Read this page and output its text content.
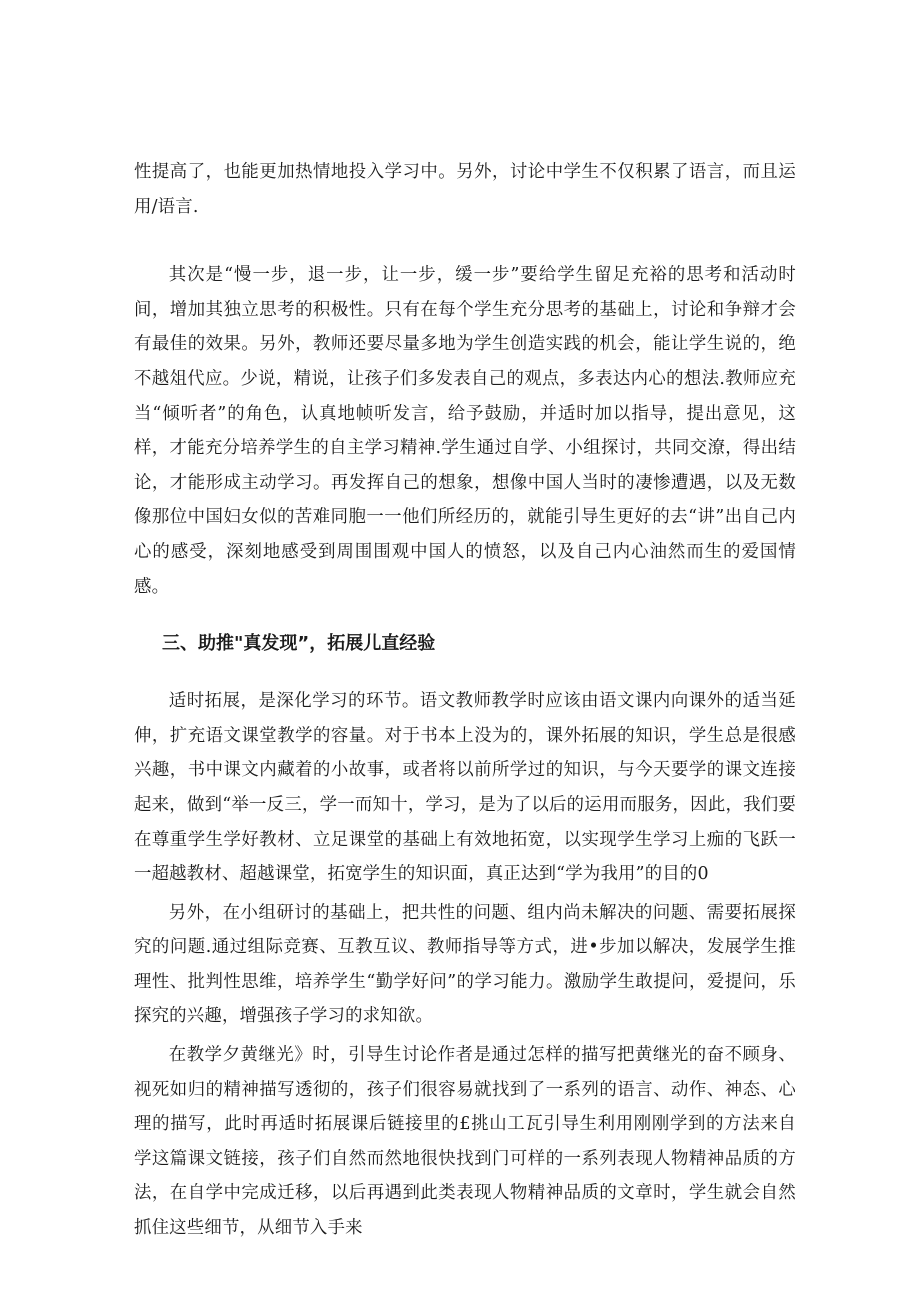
性提高了，也能更加热情地投入学习中。另外，讨论中学生不仅积累了语言，而且运用/语言.

其次是“慢一步，退一步，让一步，缓一步”要给学生留足充裕的思考和活动时间，增加其独立思考的积极性。只有在每个学生充分思考的基础上，讨论和争辩才会有最佳的效果。另外，教师还要尽量多地为学生创造实践的机会，能让学生说的，绝不越俎代应。少说，精说，让孩子们多发表自己的观点，多表达内心的想法.教师应充当“倾听者”的角色，认真地帧听发言，给予鼓励，并适时加以指导，提出意见，这样，才能充分培养学生的自主学习精神.学生通过自学、小组探讨，共同交潦，得出结论，才能形成主动学习。再发挥自己的想象，想像中国人当时的凄惨遭遇，以及无数像那位中国妇女似的苦难同胞一一他们所经历的，就能引导生更好的去“讲”出自己内心的感受，深刻地感受到周围围观中国人的愤怒，以及自己内心油然而生的爱国情感。

三、助推"真发现”，拓展儿直经验

适时拓展，是深化学习的环节。语文教师教学时应该由语文课内向课外的适当延伸，扩充语文课堂教学的容量。对于书本上没为的，课外拓展的知识，学生总是很感兴趣，书中课文内藏着的小故事，或者将以前所学过的知识，与今天要学的课文连接起来，做到“举一反三，学一而知十，学习，是为了以后的运用而服务，因此，我们要在尊重学生学好教材、立足课堂的基础上有效地拓宽，以实现学生学习上痂的飞跃一一超越教材、超越课堂，拓宽学生的知识面，真正达到“学为我用”的目的0

另外，在小组研讨的基础上，把共性的问题、组内尚未解决的问题、需要拓展探究的问题.通过组际竞赛、互教互议、教师指导等方式，进•步加以解决，发展学生推理性、批判性思维，培养学生“勤学好问”的学习能力。激励学生敢提问，爱提问，乐探究的兴趣，增强孩子学习的求知欲。

在教学夕黄继光》时，引导生讨论作者是通过怎样的描写把黄继光的奋不顾身、视死如归的精神描写透彻的，孩子们很容易就找到了一系列的语言、动作、神态、心理的描写，此时再适时拓展课后链接里的£挑山工瓦引导生利用刚刚学到的方法来自学这篇课文链接，孩子们自然而然地很快找到门可样的一系列表现人物精神品质的方法，在自学中完成迁移，以后再遇到此类表现人物精神品质的文章时，学生就会自然抓住这些细节，从细节入手来
